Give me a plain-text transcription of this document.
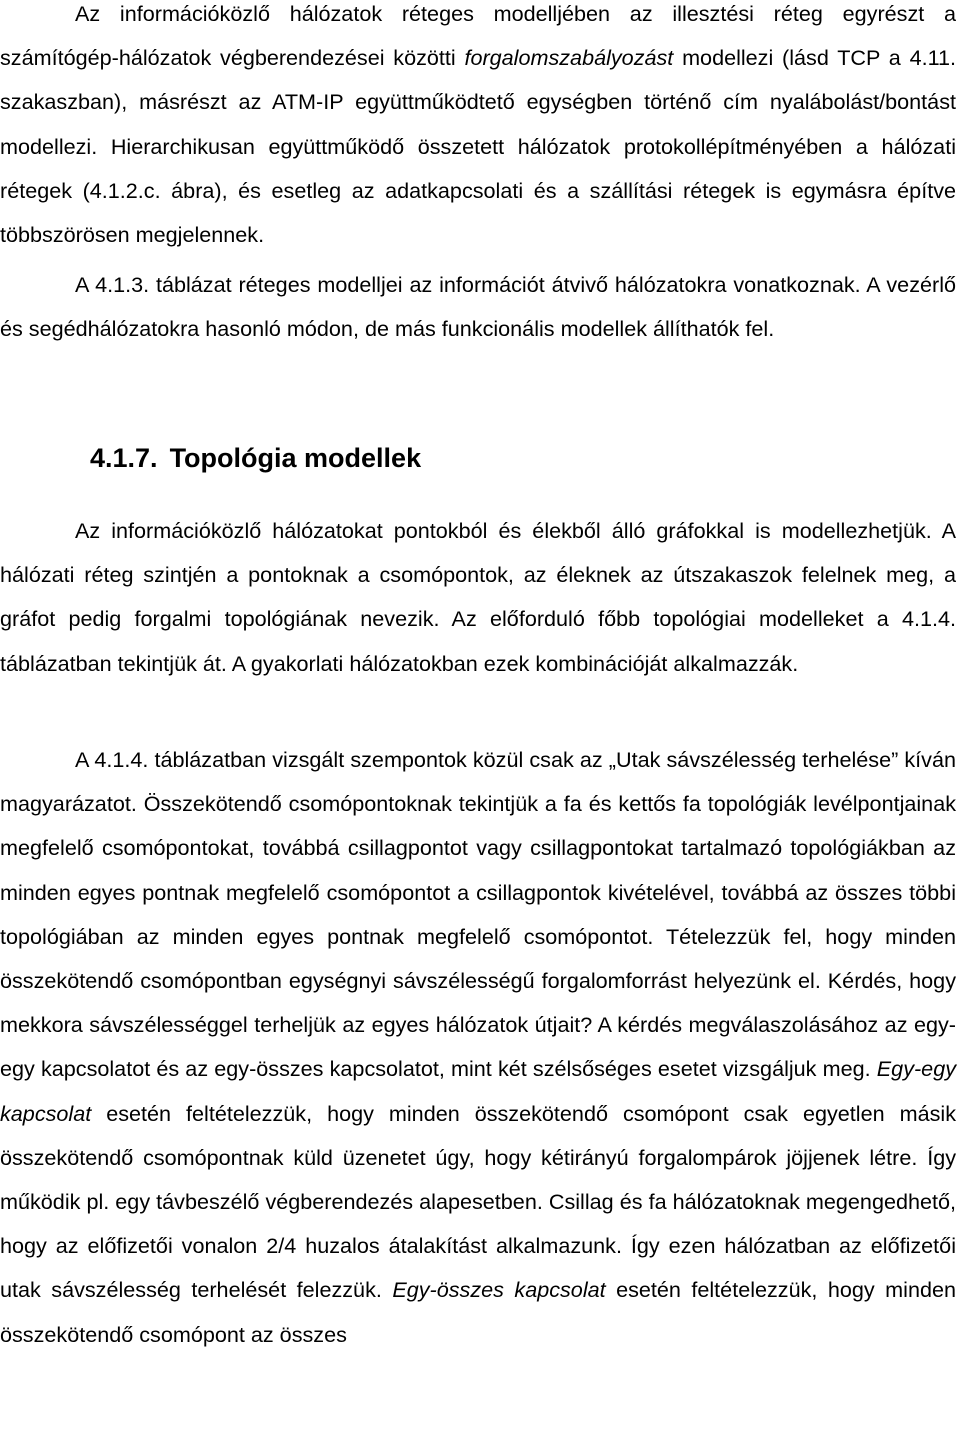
Az információközlő hálózatok réteges modelljében az illesztési réteg egyrészt a számítógép-hálózatok végberendezései közötti forgalomszabályozást modellezi (lásd TCP a 4.11. szakaszban), másrészt az ATM-IP együttműködtető egységben történő cím nyalábolást/bontást modellezi. Hierarchikusan együttműködő összetett hálózatok protokollépítményében a hálózati rétegek (4.1.2.c. ábra), és esetleg az adatkapcsolati és a szállítási rétegek is egymásra építve többszörösen megjelennek.

A 4.1.3. táblázat réteges modelljei az információt átvivő hálózatokra vonatkoznak. A vezérlő és segédhálózatokra hasonló módon, de más funkcionális modellek állíthatók fel.

4.1.7. Topológia modellek

Az információközlő hálózatokat pontokból és élekből álló gráfokkal is modellezhetjük. A hálózati réteg szintjén a pontoknak a csomópontok, az éleknek az útszakaszok felelnek meg, a gráfot pedig forgalmi topológiának nevezik. Az előforduló főbb topológiai modelleket a 4.1.4. táblázatban tekintjük át. A gyakorlati hálózatokban ezek kombinációját alkalmazzák.

A 4.1.4. táblázatban vizsgált szempontok közül csak az „Utak sávszélesség terhelése” kíván magyarázatot. Összekötendő csomópontoknak tekintjük a fa és kettős fa topológiák levélpontjainak megfelelő csomópontokat, továbbá csillagpontot vagy csillagpontokat tartalmazó topológiákban az minden egyes pontnak megfelelő csomópontot a csillagpontok kivételével, továbbá az összes többi topológiában az minden egyes pontnak megfelelő csomópontot. Tételezzük fel, hogy minden összekötendő csomópontban egységnyi sávszélességű forgalomforrást helyezünk el. Kérdés, hogy mekkora sávszélességgel terheljük az egyes hálózatok útjait? A kérdés megválaszolásához az egy-egy kapcsolatot és az egy-összes kapcsolatot, mint két szélsőséges esetet vizsgáljuk meg. Egy-egy kapcsolat esetén feltételezzük, hogy minden összekötendő csomópont csak egyetlen másik összekötendő csomópontnak küld üzenetet úgy, hogy kétirányú forgalompárok jöjjenek létre. Így működik pl. egy távbeszélő végberendezés alapesetben. Csillag és fa hálózatoknak megengedhető, hogy az előfizetői vonalon 2/4 huzalos átalakítást alkalmazunk. Így ezen hálózatban az előfizetői utak sávszélesség terhelését felezzük. Egy-összes kapcsolat esetén feltételezzük, hogy minden összekötendő csomópont az összes
